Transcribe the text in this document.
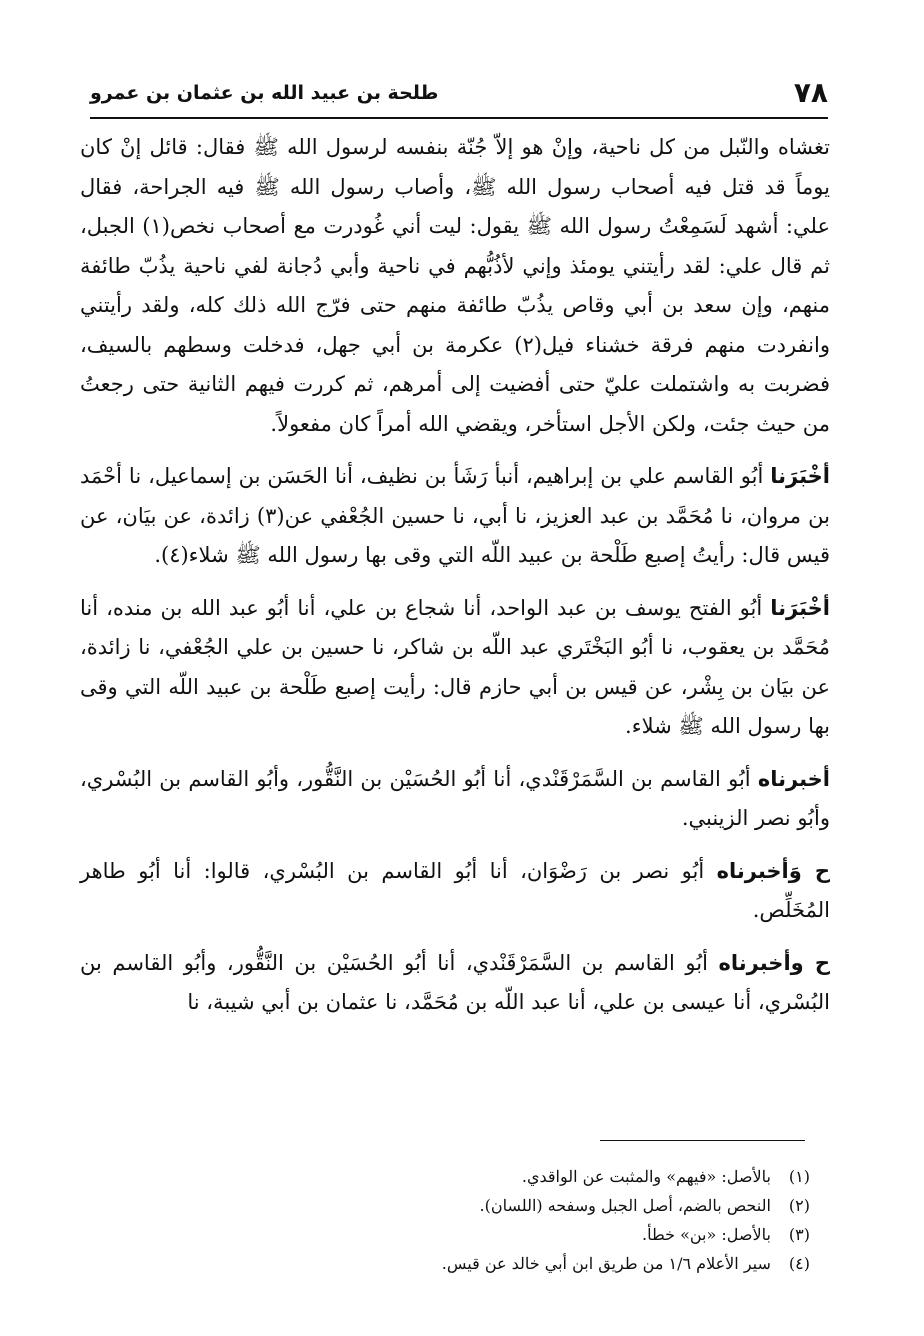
٧٨
طلحة بن عبيد الله بن عثمان بن عمرو

تغشاه والنّبل من كل ناحية، وإنْ هو إلاّ جُنّة بنفسه لرسول الله ﷺ فقال: قائل إنْ كان يوماً قد قتل فيه أصحاب رسول الله ﷺ، وأصاب رسول الله ﷺ فيه الجراحة، فقال علي: أشهد لَسَمِعْتُ رسول الله ﷺ يقول: ليت أني غُودرت مع أصحاب نخص(١) الجبل، ثم قال علي: لقد رأيتني يومئذ وإني لأذُبُّهم في ناحية وأبي دُجانة لفي ناحية يذُبّ طائفة منهم، وإن سعد بن أبي وقاص يذُبّ طائفة منهم حتى فرّج الله ذلك كله، ولقد رأيتني وانفردت منهم فرقة خشناء فيل(٢) عكرمة بن أبي جهل، فدخلت وسطهم بالسيف، فضربت به واشتملت عليّ حتى أفضيت إلى أمرهم، ثم كررت فيهم الثانية حتى رجعتُ من حيث جئت، ولكن الأجل استأخر، ويقضي الله أمراً كان مفعولاً.

أخْبَرَنا أبُو القاسم علي بن إبراهيم، أنبأ رَشَأ بن نظيف، أنا الحَسَن بن إسماعيل، نا أحْمَد بن مروان، نا مُحَمَّد بن عبد العزيز، نا أبي، نا حسين الجُعْفي عن(٣) زائدة، عن بيَان، عن قيس قال: رأيتُ إصبع طَلْحة بن عبيد اللّه التي وقى بها رسول الله ﷺ شلاء(٤).

أخْبَرَنا أبُو الفتح يوسف بن عبد الواحد، أنا شجاع بن علي، أنا أبُو عبد الله بن منده، أنا مُحَمَّد بن يعقوب، نا أبُو البَخْتَري عبد اللّه بن شاكر، نا حسين بن علي الجُعْفي، نا زائدة، عن بيَان بن بِشْر، عن قيس بن أبي حازم قال: رأيت إصبع طَلْحة بن عبيد اللّه التي وقى بها رسول الله ﷺ شلاء.

أخبرناه أبُو القاسم بن السَّمَرْقَنْدي، أنا أبُو الحُسَيْن بن النَّقُّور، وأبُو القاسم بن البُسْري، وأبُو نصر الزينبي.

ح وَأخبرناه أبُو نصر بن رَضْوَان، أنا أبُو القاسم بن البُسْري، قالوا: أنا أبُو طاهر المُخَلِّص.

ح وأخبرناه أبُو القاسم بن السَّمَرْقَنْدي، أنا أبُو الحُسَيْن بن النَّقُّور، وأبُو القاسم بن البُسْري، أنا عيسى بن علي، أنا عبد اللّه بن مُحَمَّد، نا عثمان بن أبي شيبة، نا

(١) بالأصل: «فيهم» والمثبت عن الواقدي.
(٢) النحص بالضم، أصل الجبل وسفحه (اللسان).
(٣) بالأصل: «بن» خطأ.
(٤) سير الأعلام ١/٦ من طريق ابن أبي خالد عن قيس.
